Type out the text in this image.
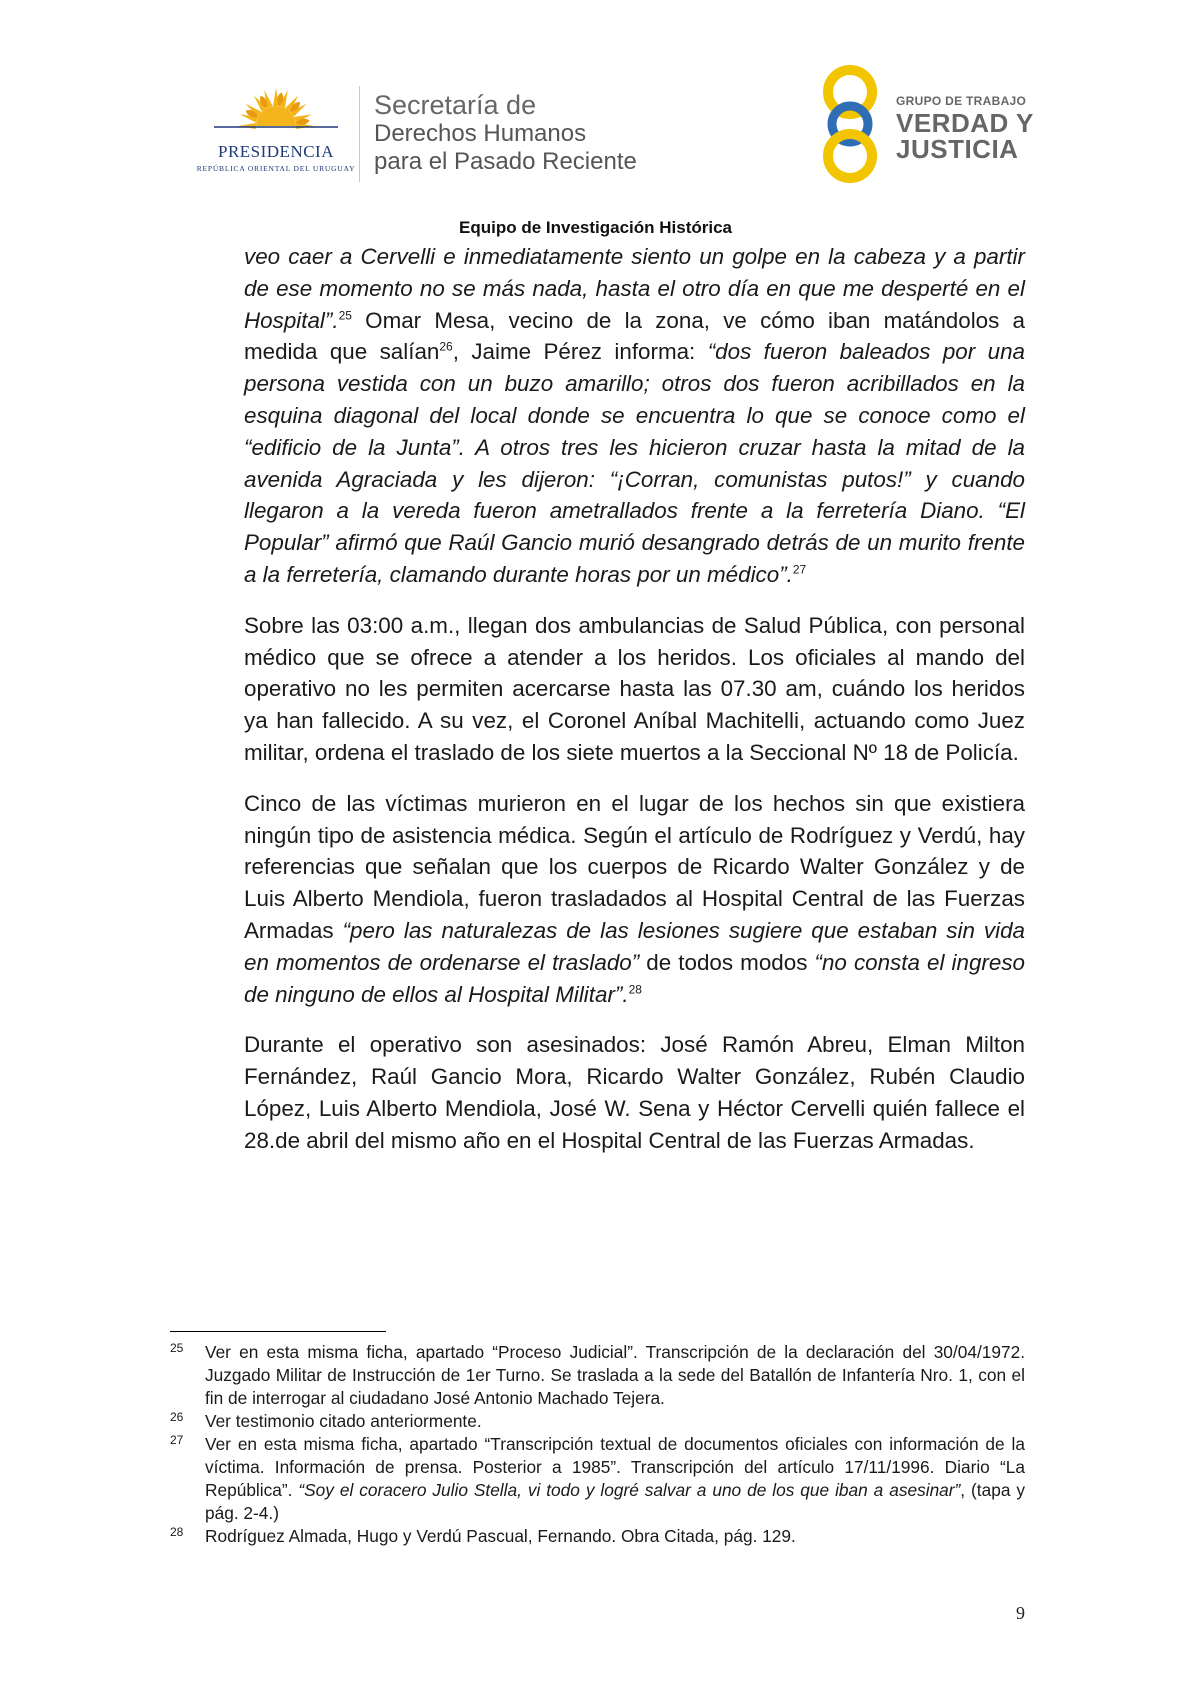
PRESIDENCIA
REPÚBLICA ORIENTAL DEL URUGUAY
Secretaría de
Derechos Humanos
para el Pasado Reciente
GRUPO DE TRABAJO
VERDAD Y
JUSTICIA
Equipo de Investigación Histórica

veo caer a Cervelli e inmediatamente siento un golpe en la cabeza y a partir de ese momento no se más nada, hasta el otro día en que me desperté en el Hospital”.$^{25}$ Omar Mesa, vecino de la zona, ve cómo iban matándolos a medida que salían$^{26}$, Jaime Pérez informa: “dos fueron baleados por una persona vestida con un buzo amarillo; otros dos fueron acribillados en la esquina diagonal del local donde se encuentra lo que se conoce como el “edificio de la Junta”. A otros tres les hicieron cruzar hasta la mitad de la avenida Agraciada y les dijeron: “¡Corran, comunistas putos!” y cuando llegaron a la vereda fueron ametrallados frente a la ferretería Diano. “El Popular” afirmó que Raúl Gancio murió desangrado detrás de un murito frente a la ferretería, clamando durante horas por un médico”.$^{27}$

Sobre las 03:00 a.m., llegan dos ambulancias de Salud Pública, con personal médico que se ofrece a atender a los heridos. Los oficiales al mando del operativo no les permiten acercarse hasta las 07.30 am, cuándo los heridos ya han fallecido. A su vez, el Coronel Aníbal Machitelli, actuando como Juez militar, ordena el traslado de los siete muertos a la Seccional Nº 18 de Policía.

Cinco de las víctimas murieron en el lugar de los hechos sin que existiera ningún tipo de asistencia médica. Según el artículo de Rodríguez y Verdú, hay referencias que señalan que los cuerpos de Ricardo Walter González y de Luis Alberto Mendiola, fueron trasladados al Hospital Central de las Fuerzas Armadas “pero las naturalezas de las lesiones sugiere que estaban sin vida en momentos de ordenarse el traslado” de todos modos “no consta el ingreso de ninguno de ellos al Hospital Militar”.$^{28}$

Durante el operativo son asesinados: José Ramón Abreu, Elman Milton Fernández, Raúl Gancio Mora, Ricardo Walter González, Rubén Claudio López, Luis Alberto Mendiola, José W. Sena y Héctor Cervelli quién fallece el 28.de abril del mismo año en el Hospital Central de las Fuerzas Armadas.

25 Ver en esta misma ficha, apartado “Proceso Judicial”. Transcripción de la declaración del 30/04/1972. Juzgado Militar de Instrucción de 1er Turno. Se traslada a la sede del Batallón de Infantería Nro. 1, con el fin de interrogar al ciudadano José Antonio Machado Tejera.
26 Ver testimonio citado anteriormente.
27 Ver en esta misma ficha, apartado “Transcripción textual de documentos oficiales con información de la víctima. Información de prensa. Posterior a 1985”. Transcripción del artículo 17/11/1996. Diario “La República”. “Soy el coracero Julio Stella, vi todo y logré salvar a uno de los que iban a asesinar”, (tapa y pág. 2-4.)
28 Rodríguez Almada, Hugo y Verdú Pascual, Fernando. Obra Citada, pág. 129.
9
